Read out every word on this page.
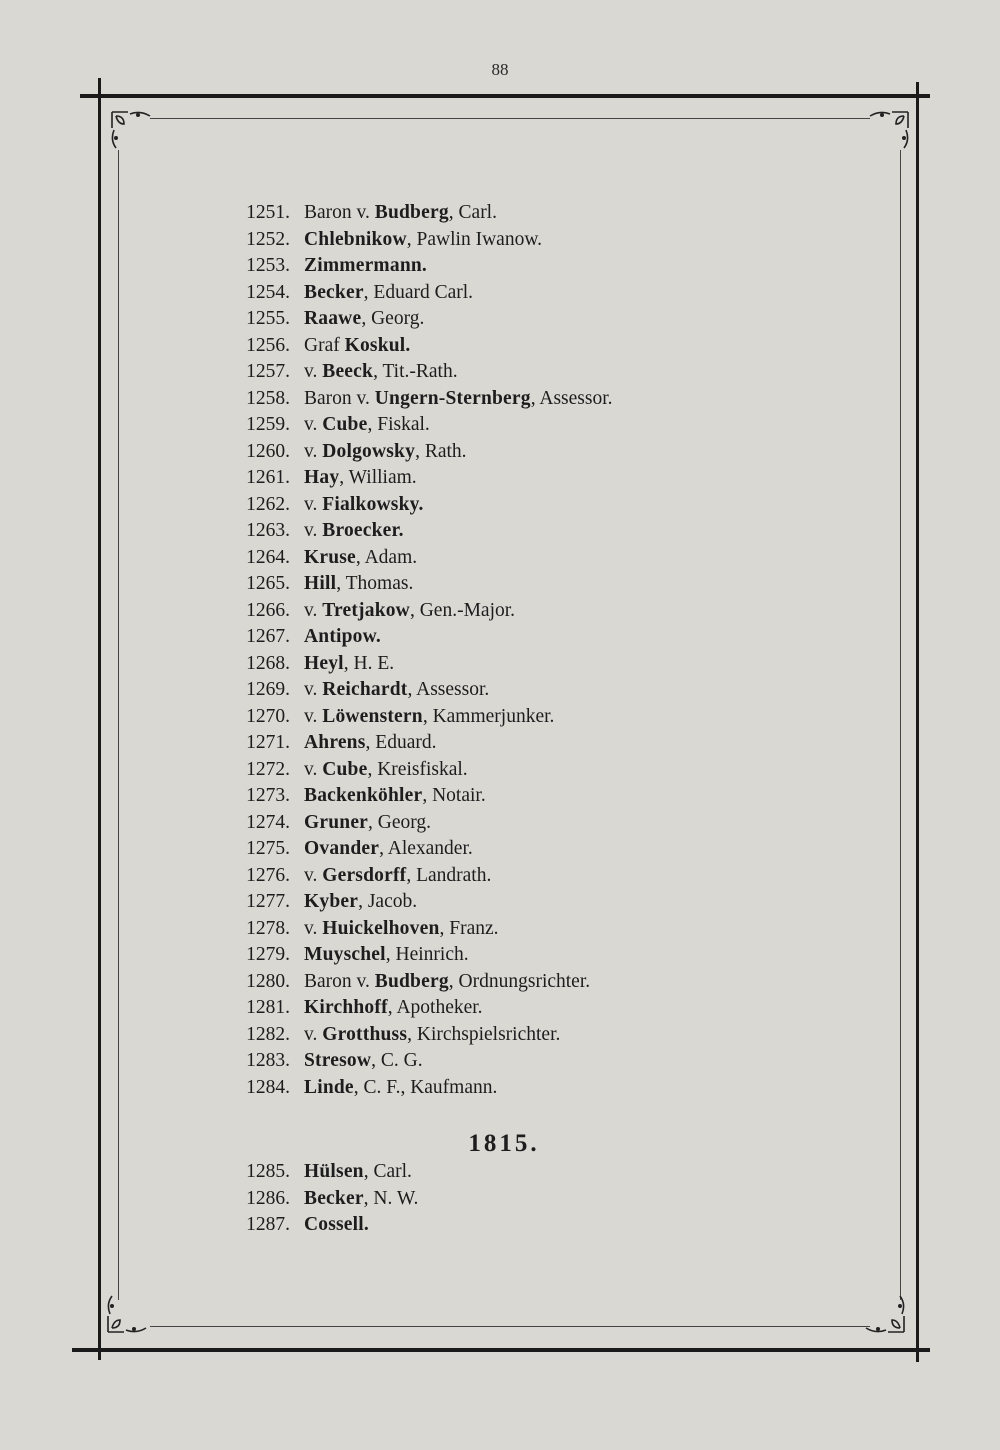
88
1251. Baron v. Budberg, Carl.
1252. Chlebnikow, Pawlin Iwanow.
1253. Zimmermann.
1254. Becker, Eduard Carl.
1255. Raawe, Georg.
1256. Graf Koskul.
1257. v. Beeck, Tit.-Rath.
1258. Baron v. Ungern-Sternberg, Assessor.
1259. v. Cube, Fiskal.
1260. v. Dolgowsky, Rath.
1261. Hay, William.
1262. v. Fialkowsky.
1263. v. Broecker.
1264. Kruse, Adam.
1265. Hill, Thomas.
1266. v. Tretjakow, Gen.-Major.
1267. Antipow.
1268. Heyl, H. E.
1269. v. Reichardt, Assessor.
1270. v. Löwenstern, Kammerjunker.
1271. Ahrens, Eduard.
1272. v. Cube, Kreisfiskal.
1273. Backenköhler, Notair.
1274. Gruner, Georg.
1275. Ovander, Alexander.
1276. v. Gersdorff, Landrath.
1277. Kyber, Jacob.
1278. v. Huickelhoven, Franz.
1279. Muyschel, Heinrich.
1280. Baron v. Budberg, Ordnungsrichter.
1281. Kirchhoff, Apotheker.
1282. v. Grotthuss, Kirchspielsrichter.
1283. Stresow, C. G.
1284. Linde, C. F., Kaufmann.
1815.
1285. Hülsen, Carl.
1286. Becker, N. W.
1287. Cossell.
